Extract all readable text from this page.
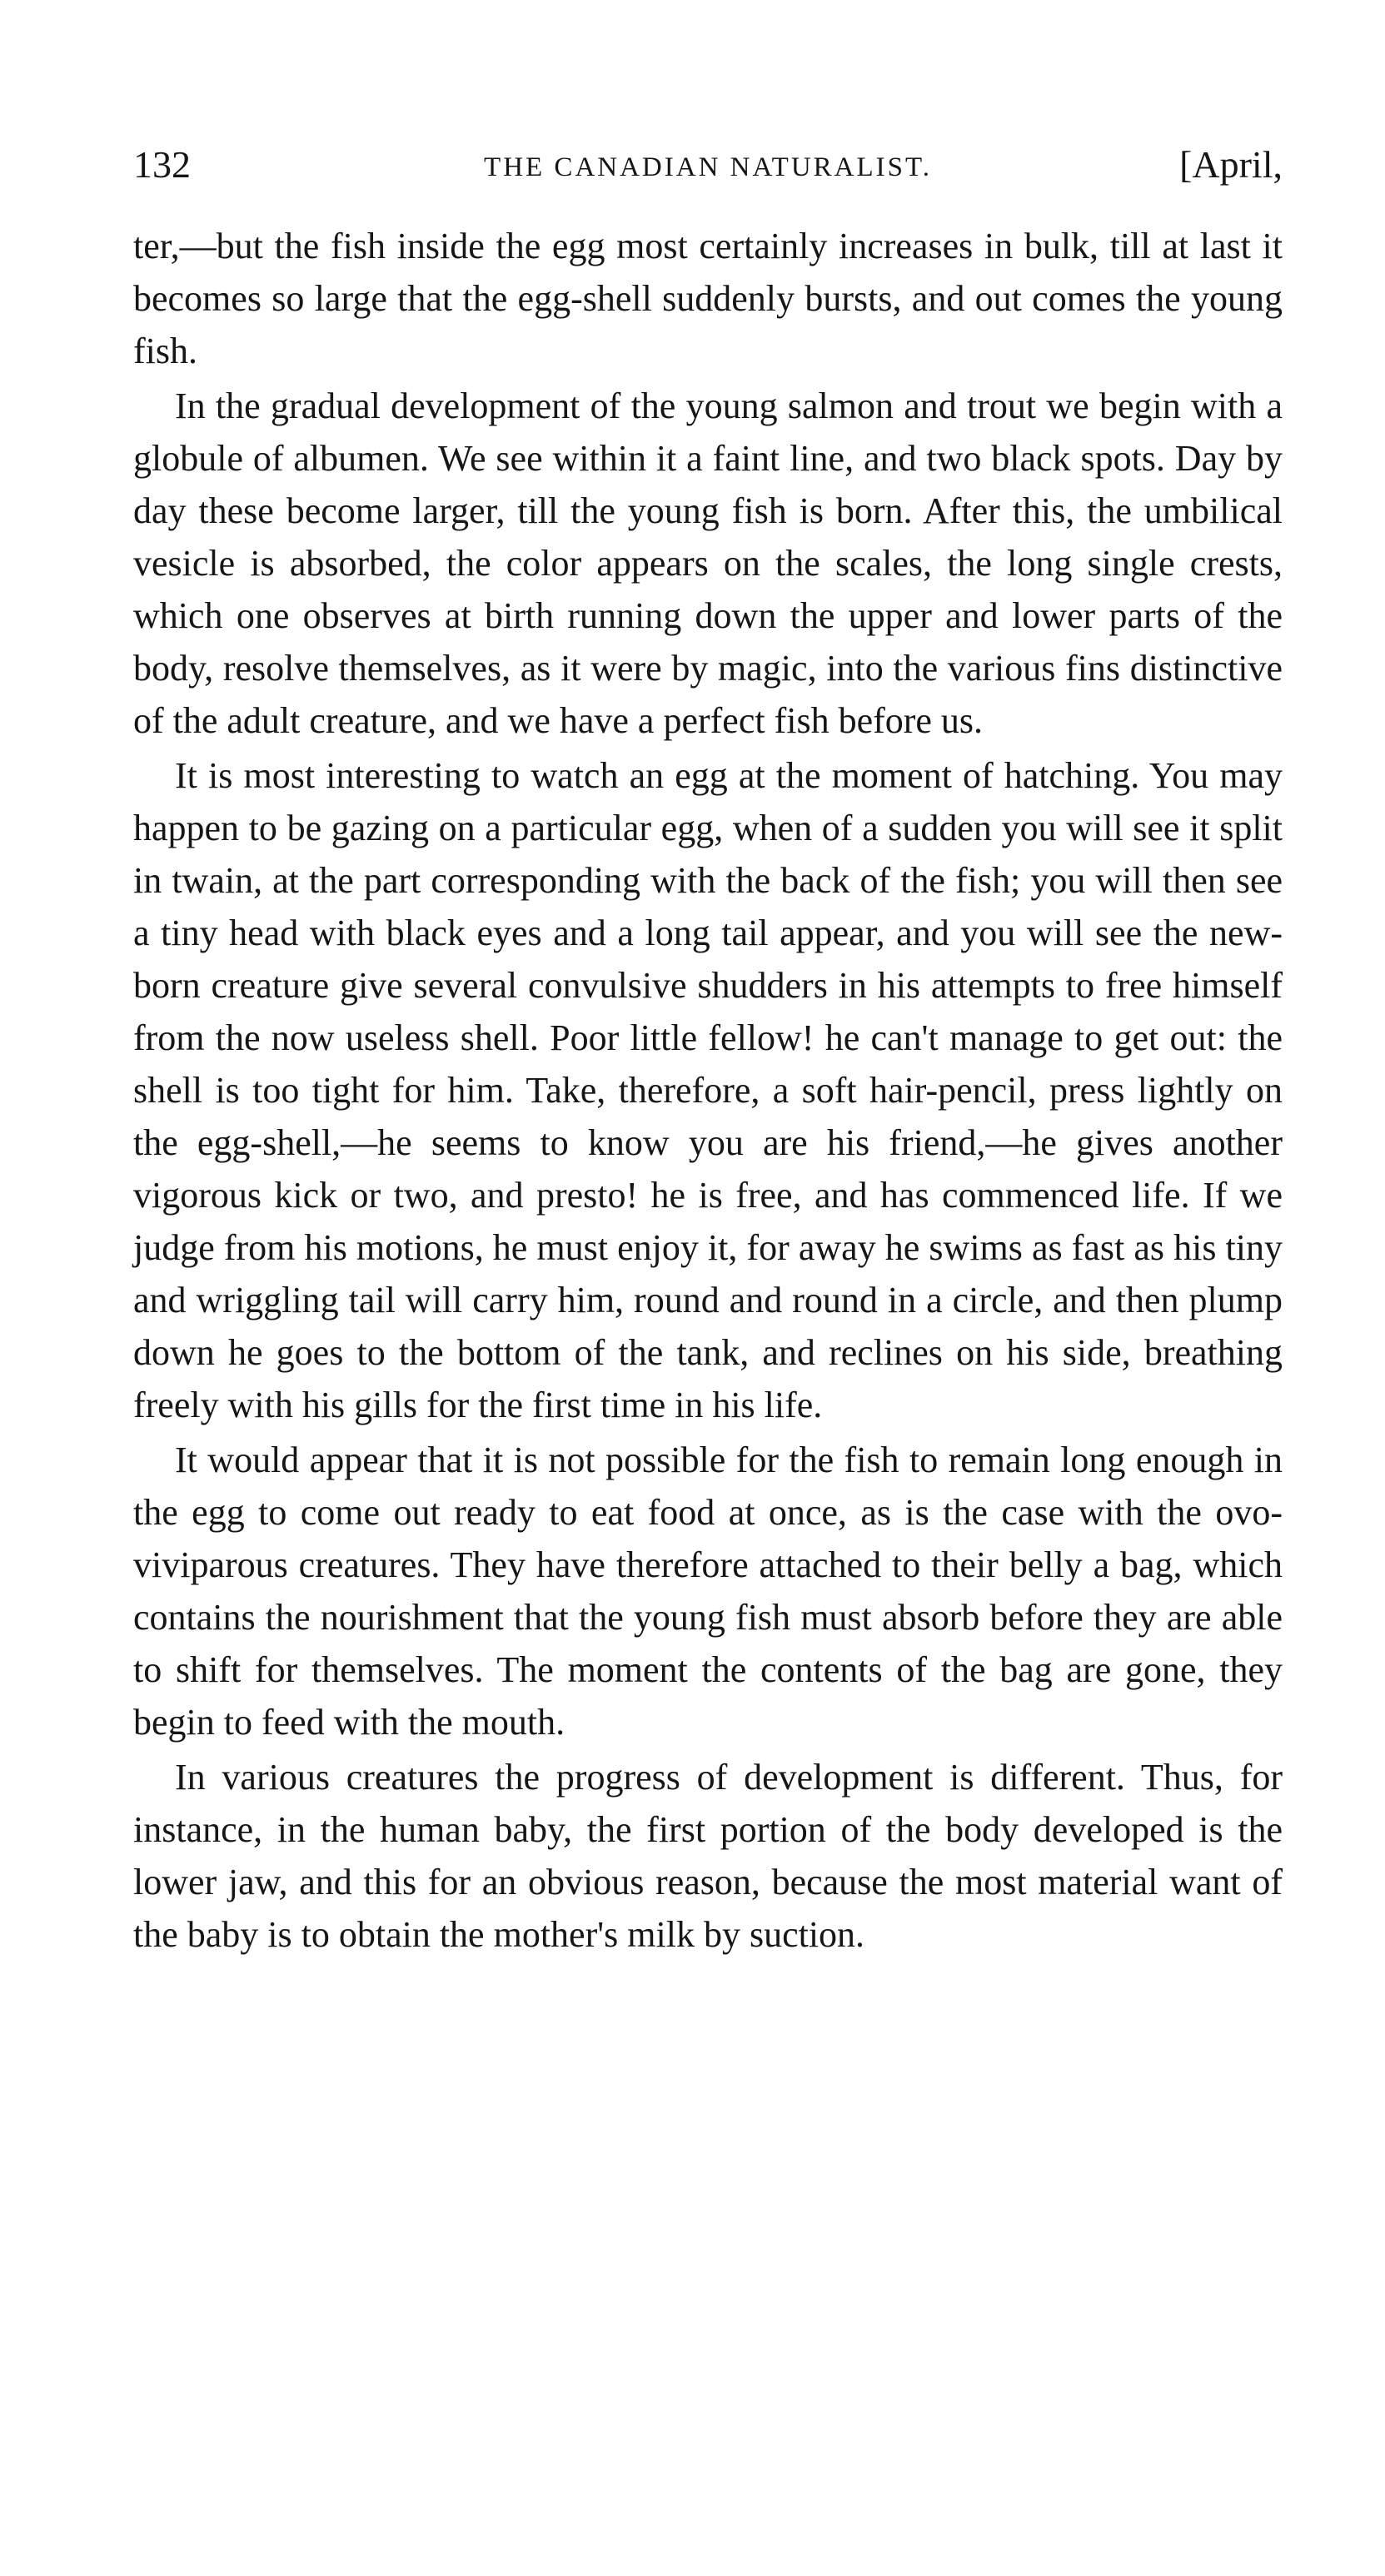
132	THE CANADIAN NATURALIST.	[April,

ter,—but the fish inside the egg most certainly increases in bulk, till at last it becomes so large that the egg-shell suddenly bursts, and out comes the young fish.

In the gradual development of the young salmon and trout we begin with a globule of albumen. We see within it a faint line, and two black spots. Day by day these become larger, till the young fish is born. After this, the umbilical vesicle is absorbed, the color appears on the scales, the long single crests, which one observes at birth running down the upper and lower parts of the body, resolve themselves, as it were by magic, into the various fins distinctive of the adult creature, and we have a perfect fish before us.

It is most interesting to watch an egg at the moment of hatching. You may happen to be gazing on a particular egg, when of a sudden you will see it split in twain, at the part corresponding with the back of the fish; you will then see a tiny head with black eyes and a long tail appear, and you will see the new-born creature give several convulsive shudders in his attempts to free himself from the now useless shell. Poor little fellow! he can't manage to get out: the shell is too tight for him. Take, therefore, a soft hair-pencil, press lightly on the egg-shell,—he seems to know you are his friend,—he gives another vigorous kick or two, and presto! he is free, and has commenced life. If we judge from his motions, he must enjoy it, for away he swims as fast as his tiny and wriggling tail will carry him, round and round in a circle, and then plump down he goes to the bottom of the tank, and reclines on his side, breathing freely with his gills for the first time in his life.

It would appear that it is not possible for the fish to remain long enough in the egg to come out ready to eat food at once, as is the case with the ovo-viviparous creatures. They have therefore attached to their belly a bag, which contains the nourishment that the young fish must absorb before they are able to shift for themselves. The moment the contents of the bag are gone, they begin to feed with the mouth.

In various creatures the progress of development is different. Thus, for instance, in the human baby, the first portion of the body developed is the lower jaw, and this for an obvious reason, because the most material want of the baby is to obtain the mother's milk by suction.
